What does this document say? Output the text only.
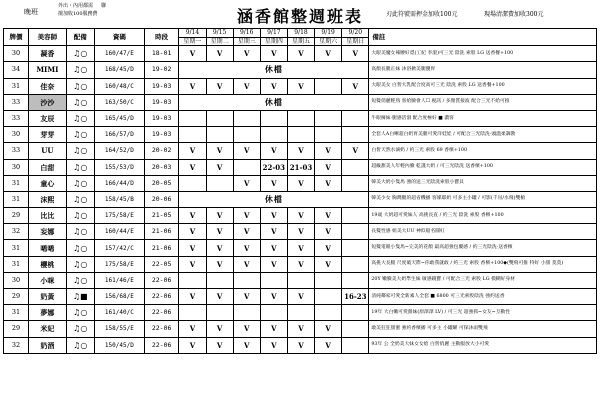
晚班
外出・內用都需 　 聯
擅加收100服務費	涵香館整週班表	刃此符號需押金加收100元	現場清潔費加收300元
牌價	美容師	配備	資碼	時段	9/14	9/15	9/16	9/17	9/18	9/19	9/20	備註
					星期一	星期二	星期三	星期四	星期五	星期六	星期日	
30	凝香	♫○	160/47/E	18-01	V	V	V	V	V	V	V	大眼美魔女辣腰好覓(工紀 李滾)可三光 陰洗 索股 LG 送香餐+100
34	MIMI	♫○	168/45/D	19-02	休檔							高顏長腿正妹 沐浴掀美腿優胃
31	佳奈	♫○	160/48/C	19-03	V	V	V	V	V		V	大眼美女 白皙大乳配合度高可三光 陰洗 索股 LG 送香餐+100
33	沙沙	♫○	163/50/C	19-03	休檔							短髮俏麗輕熟 客給臉會人☐ 視訊 / 多顏質接波 配合三光不給可推
33	友辰	♫○	165/45/D	19-03								牛眼擁妹·腿感活潑 配合度極好 ■ 濃客
30	芽芽	♫○	166/57/D	19-03								全套人A白晰超白奶胃美腿可愛洋娃娃 / 可配合三光陰洗·頭溫柔調教
33	UU	♫○	164/52/D	20-02	V	V	V	V	V	V	V	白皙天然水滴奶 / 約三光 索股 69 香檳+100
30	白甜	♫○	155/53/D	20-03	V	V		22-03	21-03	V		超級甜美人年輕內臉 乾謹大奶 / 可三光陰洗 送香檳+100
31	童心	♫○	166/44/D	20-05			V	V	V	V		韓美大奶小隻馬 強的送三光陰洗索股小寶貝
31	沫熙	♫○	158/45/B	20-06	休檔							韓美少女 胸灣腿的超省機播 客媒耶奶 可多主小罐 / 可影(千吊/水飛)雙槍
29	比比	♫○	175/58/E	21-05	V	V	V	V	V	V		19歲 大奶超可愛妹人 高挑長直 / 約三光 陰洗 索股 香檳+100
32	妄娜	♫○	160/44/E	21-06	V	V	V	V	V	V		長髮性感 姐美大UU 神似船名圓紅
31	唏唏	♫○	157/42/C	21-06	V	V	V	V	V	V		短髮電眼小隻馬~完美的花顏 最高超強包覆感 / 約三光陰洗·送香檳
31	櫻桃	♫○	175/58/E	22-05	V	V	V	V	V	V		高挑大長腿 尺度破天際~你敢我就敢 / 約三光 索股 香檳+100◆(雙飛可推 特好 小甜 莫莫)
30	小咪	♫○	161/46/E	22-06								20Y 嫩臉美大奶學生妹 敏感鏡寶 / 可配合三光 索股 LG 模糊好身材
29	奶黃	♫■	156/68/E	22-06	V	V	V	V	V		16-23	清純鄰家可愛全新素人全套 ■ 6800 可三光索股陰洗 強約送香
31	夢娜	♫○	161/40/C	22-06								19年 大白嫩可愛甜妹(原澤澤 LV) / 可三光 超強抓~女友~互動性
29	米妃	♫○	158/55/E	22-06	V	V	V	V	V	V		敢美狂狂甜蜜 強約香檳播 可多主 小罐曜 可探沐雨雙飛
32	奶酒	♫○	150/45/D	22-06	V	V	V	V	V	V		93年 公 全奶美大妹女女給 白皙俏麗 主動服放大小可愛
